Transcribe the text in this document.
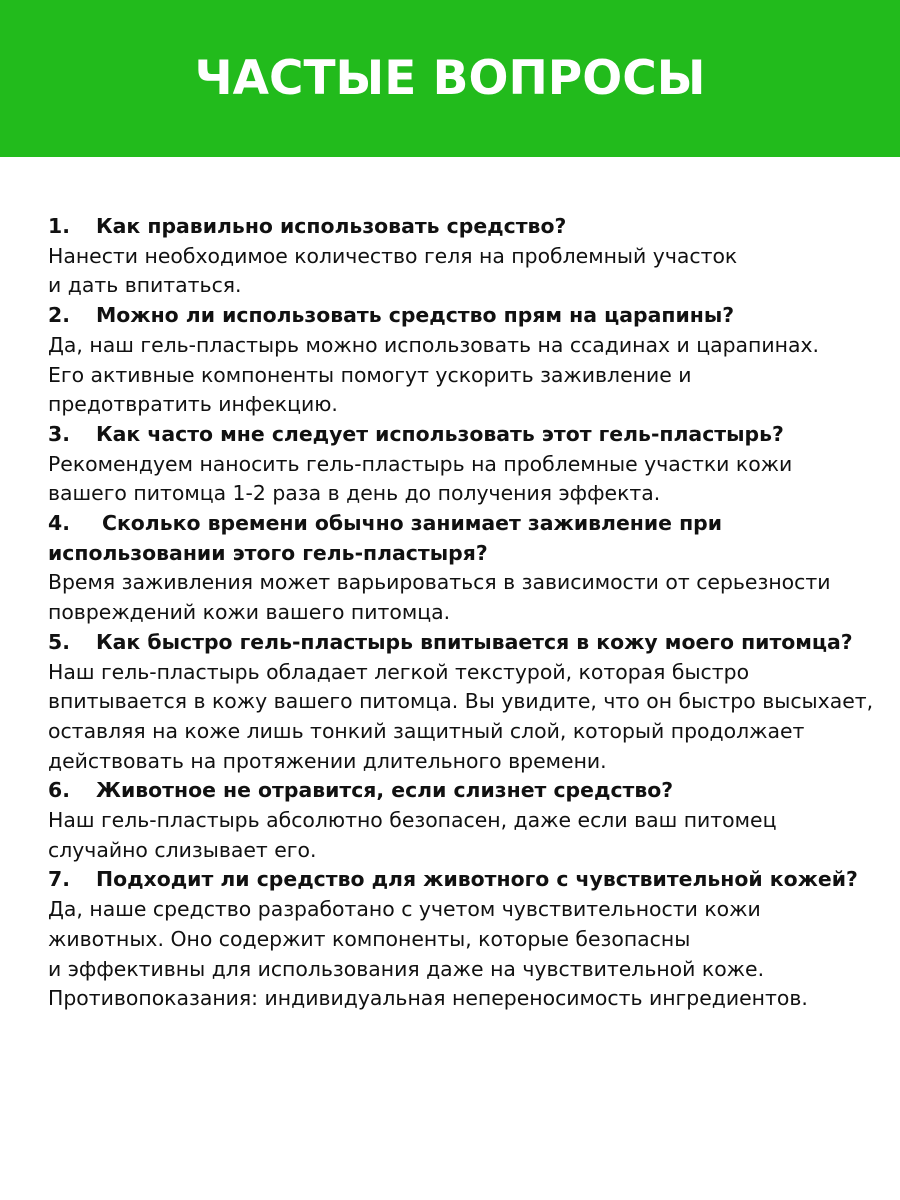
ЧАСТЫЕ ВОПРОСЫ
1. Как правильно использовать средство?
Нанести необходимое количество геля на проблемный участок
и дать впитаться.
2. Можно ли использовать средство прям на царапины?
Да, наш гель-пластырь можно использовать на ссадинах и царапинах.
Его активные компоненты помогут ускорить заживление и
предотвратить инфекцию.
3. Как часто мне следует использовать этот гель-пластырь?
Рекомендуем наносить гель-пластырь на проблемные участки кожи
вашего питомца 1-2 раза в день до получения эффекта.
4. Сколько времени обычно занимает заживление при
использовании этого гель-пластыря?
Время заживления может варьироваться в зависимости от серьезности
повреждений кожи вашего питомца.
5. Как быстро гель-пластырь впитывается в кожу моего питомца?
Наш гель-пластырь обладает легкой текстурой, которая быстро
впитывается в кожу вашего питомца. Вы увидите, что он быстро высыхает,
оставляя на коже лишь тонкий защитный слой, который продолжает
действовать на протяжении длительного времени.
6. Животное не отравится, если слизнет средство?
Наш гель-пластырь абсолютно безопасен, даже если ваш питомец
случайно слизывает его.
7. Подходит ли средство для животного с чувствительной кожей?
Да, наше средство разработано с учетом чувствительности кожи
животных. Оно содержит компоненты, которые безопасны
и эффективны для использования даже на чувствительной коже.
Противопоказания: индивидуальная непереносимость ингредиентов.
